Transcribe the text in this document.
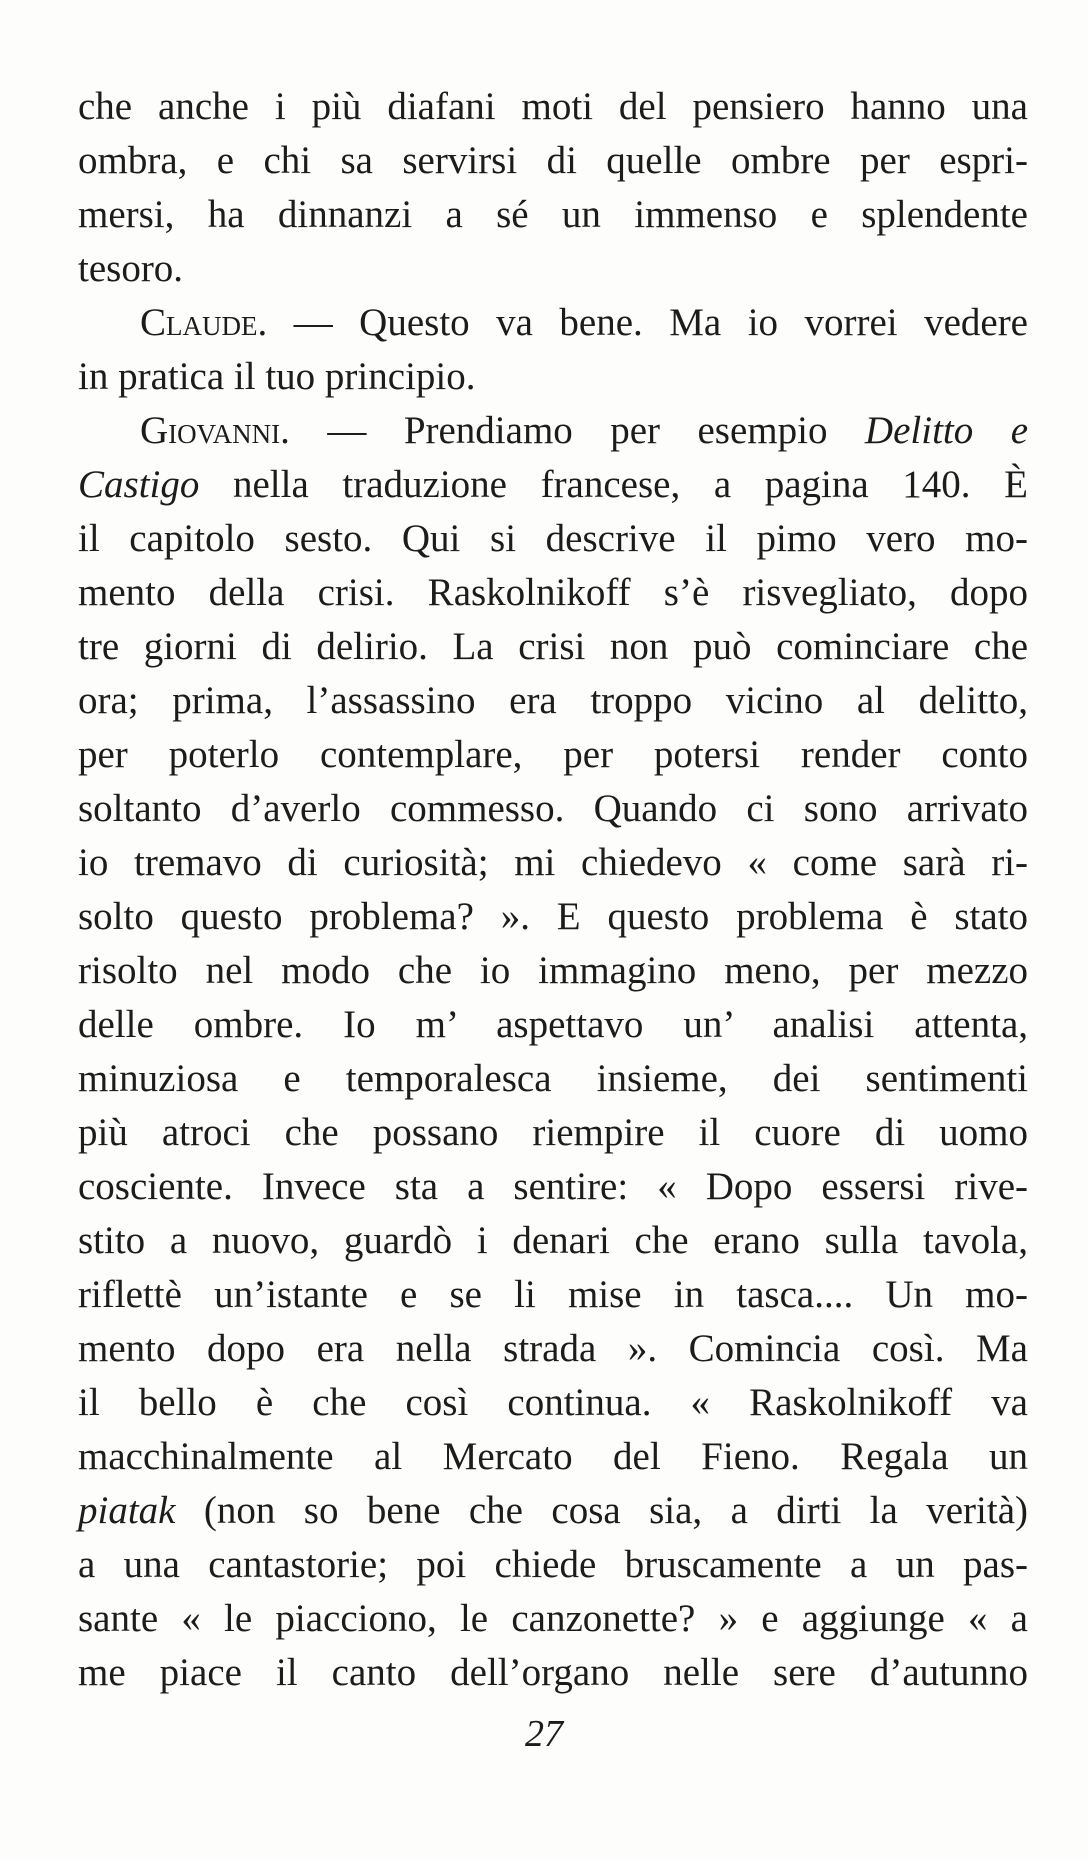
che anche i più diafani moti del pensiero hanno una
ombra, e chi sa servirsi di quelle ombre per espri-
mersi, ha dinnanzi a sé un immenso e splendente
tesoro.
Claude. — Questo va bene. Ma io vorrei vedere
in pratica il tuo principio.
Giovanni. — Prendiamo per esempio Delitto e
Castigo nella traduzione francese, a pagina 140. È
il capitolo sesto. Qui si descrive il pimo vero mo-
mento della crisi. Raskolnikoff s’è risvegliato, dopo
tre giorni di delirio. La crisi non può cominciare che
ora; prima, l’assassino era troppo vicino al delitto,
per poterlo contemplare, per potersi render conto
soltanto d’averlo commesso. Quando ci sono arrivato
io tremavo di curiosità; mi chiedevo « come sarà ri-
solto questo problema? ». E questo problema è stato
risolto nel modo che io immagino meno, per mezzo
delle ombre. Io m’ aspettavo un’ analisi attenta,
minuziosa e temporalesca insieme, dei sentimenti
più atroci che possano riempire il cuore di uomo
cosciente. Invece sta a sentire: « Dopo essersi rive-
stito a nuovo, guardò i denari che erano sulla tavola,
riflettè un’istante e se li mise in tasca.... Un mo-
mento dopo era nella strada ». Comincia così. Ma
il bello è che così continua. « Raskolnikoff va
macchinalmente al Mercato del Fieno. Regala un
piatak (non so bene che cosa sia, a dirti la verità)
a una cantastorie; poi chiede bruscamente a un pas-
sante « le piacciono, le canzonette? » e aggiunge « a
me piace il canto dell’organo nelle sere d’autunno
27
